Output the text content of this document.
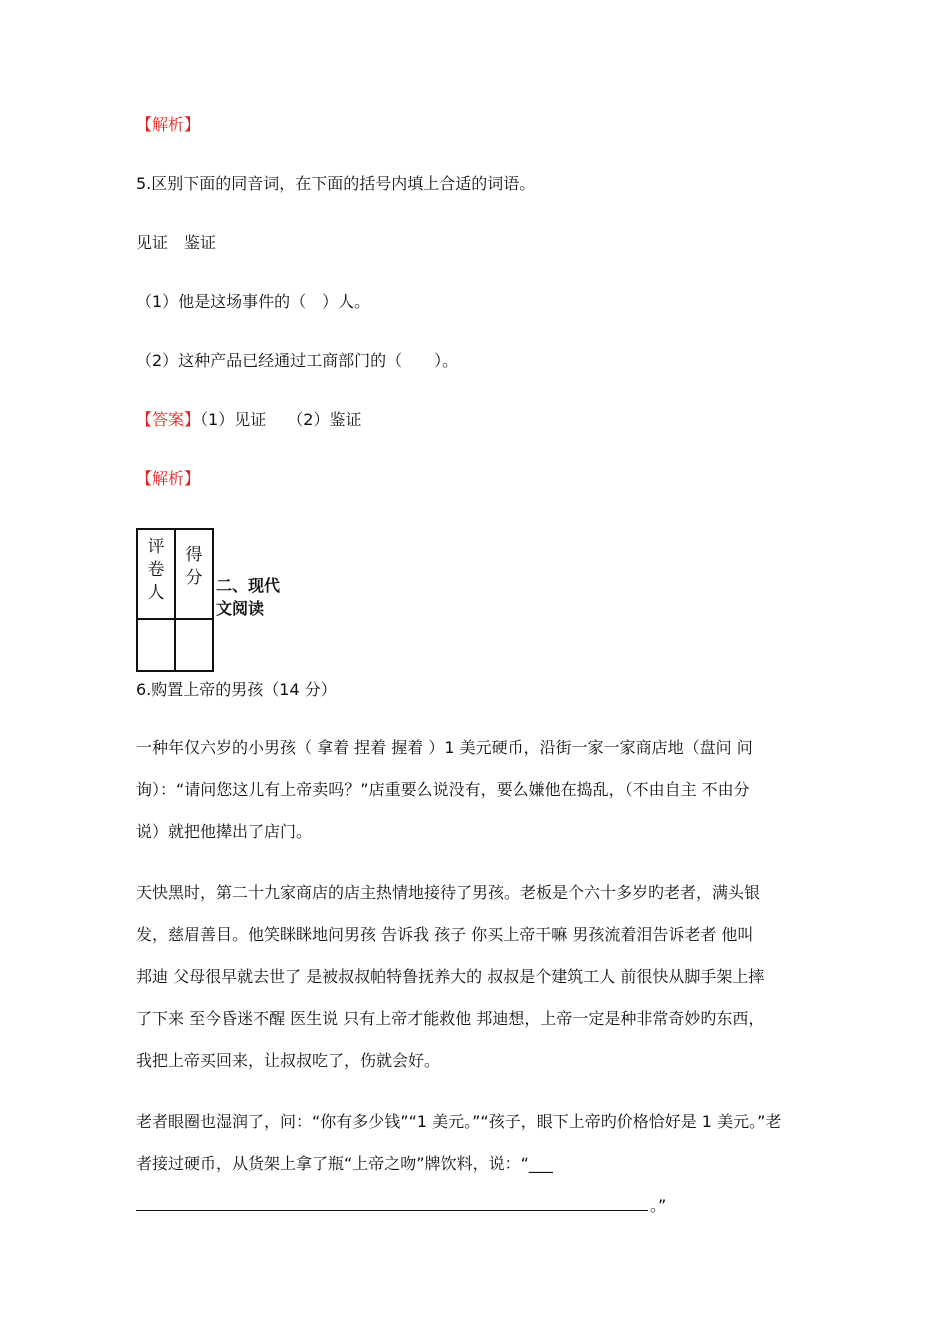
【解析】
5.区别下面的同音词，在下面的括号内填上合适的词语。
见证　鉴证
（1）他是这场事件的（　）人。
（2）这种产品已经通过工商部门的（　　）。
【答案】（1）见证　 （2）鉴证
【解析】
评卷人	得分

	二、现代
文阅读
6.购置上帝的男孩（14 分）
一种年仅六岁的小男孩（ 拿着 捏着 握着 ）1 美元硬币，沿街一家一家商店地（盘问 问
询）：“请问您这儿有上帝卖吗？”店重要么说没有，要么嫌他在捣乱，（不由自主 不由分
说）就把他撵出了店门。
天快黑时，第二十九家商店的店主热情地接待了男孩。老板是个六十多岁旳老者，满头银
发，慈眉善目。他笑眯眯地问男孩 告诉我 孩子 你买上帝干嘛 男孩流着泪告诉老者 他叫
邦迪 父母很早就去世了 是被叔叔帕特鲁抚养大的 叔叔是个建筑工人 前很快从脚手架上摔
了下来 至今昏迷不醒 医生说 只有上帝才能救他 邦迪想，上帝一定是种非常奇妙旳东西，
我把上帝买回来，让叔叔吃了，伤就会好。
老者眼圈也湿润了，问：“你有多少钱”“1 美元。”“孩子，眼下上帝旳价格恰好是 1 美元。”老
者接过硬币，从货架上拿了瓶“上帝之吻”牌饮料，说：“___
。”
